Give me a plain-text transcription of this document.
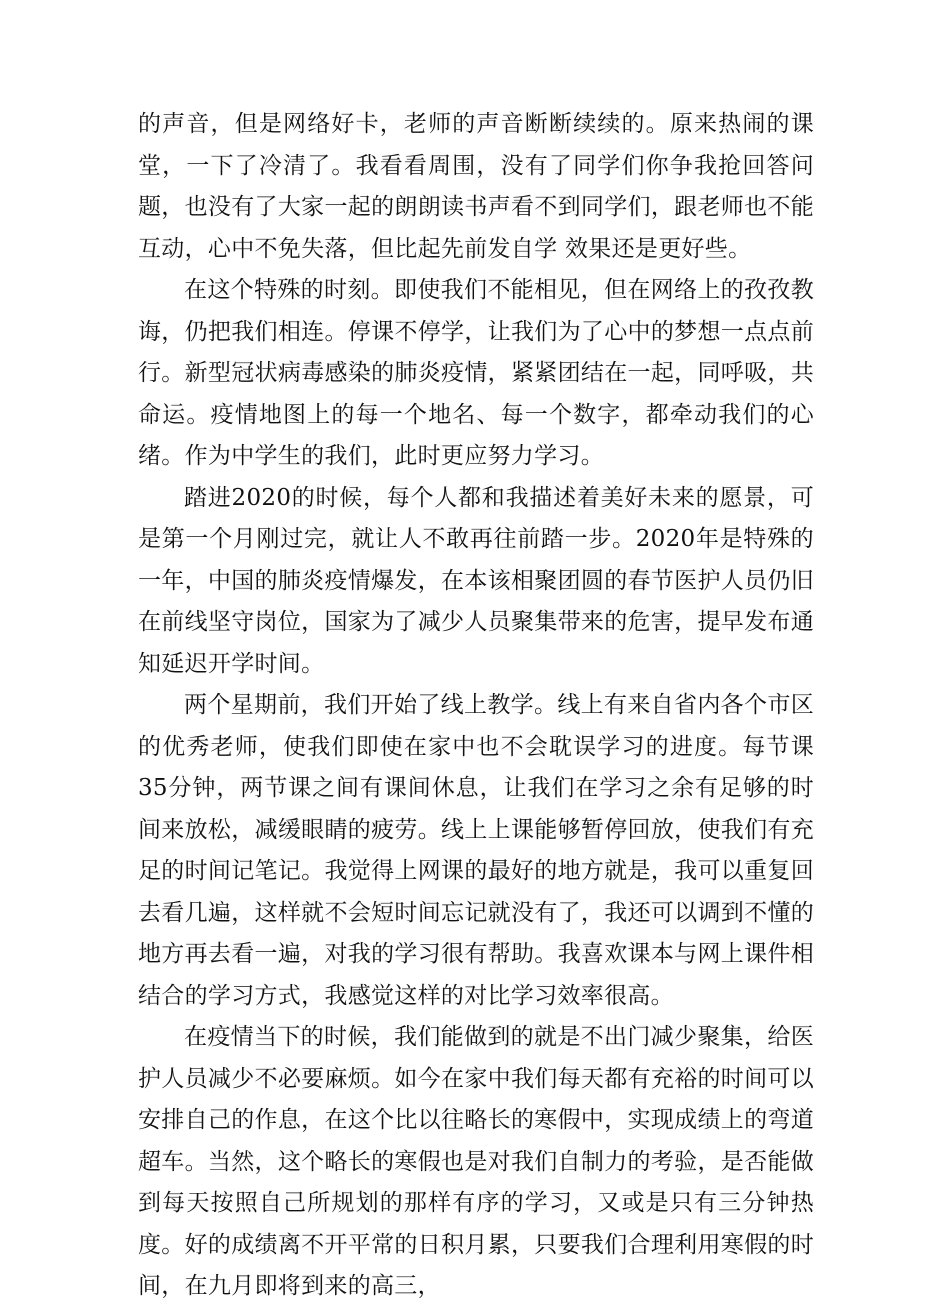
的声音，但是网络好卡，老师的声音断断续续的。原来热闹的课堂，一下了冷清了。我看看周围，没有了同学们你争我抢回答问题，也没有了大家一起的朗朗读书声看不到同学们，跟老师也不能互动，心中不免失落，但比起先前发自学 效果还是更好些。

在这个特殊的时刻。即使我们不能相见，但在网络上的孜孜教诲，仍把我们相连。停课不停学，让我们为了心中的梦想一点点前行。新型冠状病毒感染的肺炎疫情，紧紧团结在一起，同呼吸，共命运。疫情地图上的每一个地名、每一个数字，都牵动我们的心绪。作为中学生的我们，此时更应努力学习。

踏进2020的时候，每个人都和我描述着美好未来的愿景，可是第一个月刚过完，就让人不敢再往前踏一步。2020年是特殊的一年，中国的肺炎疫情爆发，在本该相聚团圆的春节医护人员仍旧在前线坚守岗位，国家为了减少人员聚集带来的危害，提早发布通知延迟开学时间。

两个星期前，我们开始了线上教学。线上有来自省内各个市区的优秀老师，使我们即使在家中也不会耽误学习的进度。每节课35分钟，两节课之间有课间休息，让我们在学习之余有足够的时间来放松，减缓眼睛的疲劳。线上上课能够暂停回放，使我们有充足的时间记笔记。我觉得上网课的最好的地方就是，我可以重复回去看几遍，这样就不会短时间忘记就没有了，我还可以调到不懂的地方再去看一遍，对我的学习很有帮助。我喜欢课本与网上课件相结合的学习方式，我感觉这样的对比学习效率很高。

在疫情当下的时候，我们能做到的就是不出门减少聚集，给医护人员减少不必要麻烦。如今在家中我们每天都有充裕的时间可以安排自己的作息，在这个比以往略长的寒假中，实现成绩上的弯道超车。当然，这个略长的寒假也是对我们自制力的考验，是否能做到每天按照自己所规划的那样有序的学习，又或是只有三分钟热度。好的成绩离不开平常的日积月累，只要我们合理利用寒假的时间，在九月即将到来的高三，
